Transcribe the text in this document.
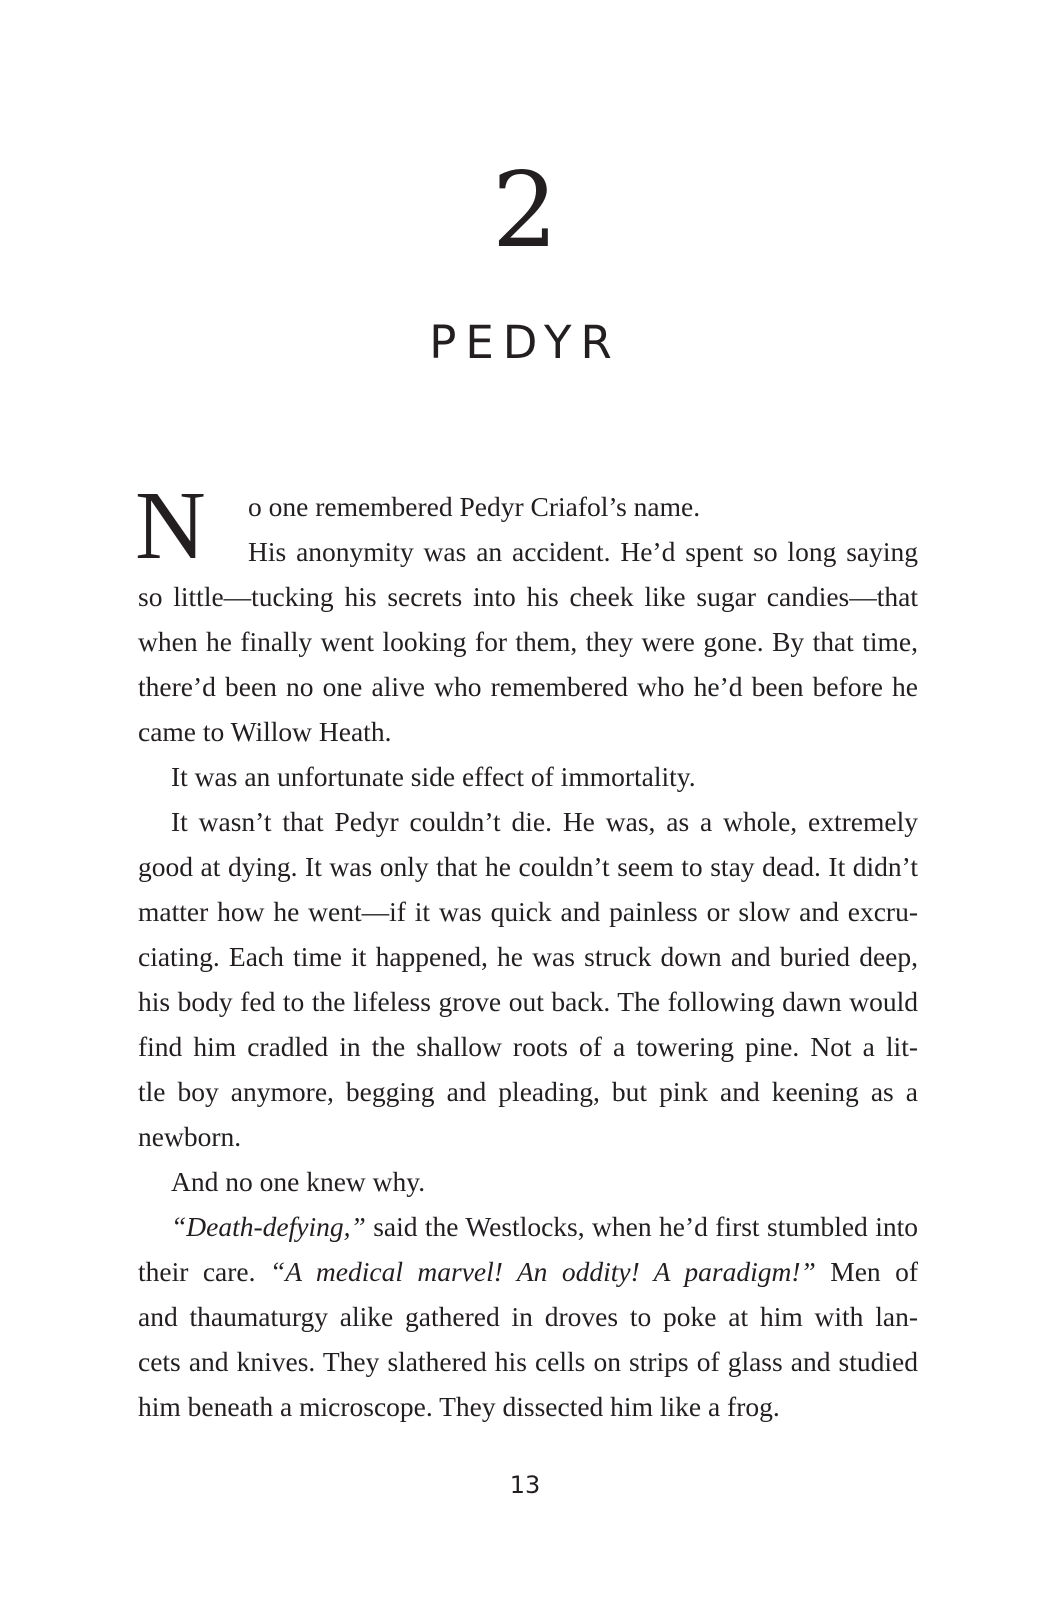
2
PEDYR
N	o one remembered Pedyr Criafol’s name.
His anonymity was an accident. He’d spent so long saying
so little—tucking his secrets into his cheek like sugar candies—that
when he finally went looking for them, they were gone. By that time,
there’d been no one alive who remembered who he’d been before he
came to Willow Heath.
It was an unfortunate side effect of immortality.
It wasn’t that Pedyr couldn’t die. He was, as a whole, extremely
good at dying. It was only that he couldn’t seem to stay dead. It didn’t
matter how he went—if it was quick and painless or slow and excru-
ciating. Each time it happened, he was struck down and buried deep,
his body fed to the lifeless grove out back. The following dawn would
find him cradled in the shallow roots of a towering pine. Not a lit-
tle boy anymore, begging and pleading, but pink and keening as a
newborn.
And no one knew why.
“Death-defying,” said the Westlocks, when he’d first stumbled into
their care. “A medical marvel! An oddity! A paradigm!” Men of
and thaumaturgy alike gathered in droves to poke at him with lan-
cets and knives. They slathered his cells on strips of glass and studied
him beneath a microscope. They dissected him like a frog.
13
